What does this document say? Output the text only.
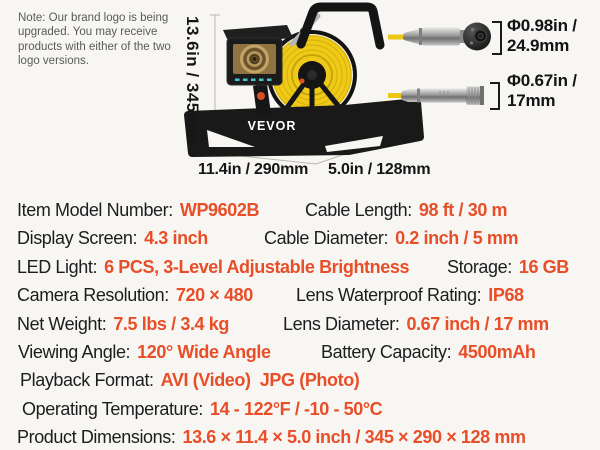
Note: Our brand logo is being upgraded. You may receive products with either of the two logo versions.
VEVOR
13.6in / 345mm
11.4in / 290mm 5.0in / 128mm
Φ0.98in /
24.9mm
Φ0.67in /
17mm
Item Model Number: WP9602B	Cable Length: 98 ft / 30 m
Display Screen: 4.3 inch	Cable Diameter: 0.2 inch / 5 mm
LED Light: 6 PCS, 3-Level Adjustable Brightness Storage: 16 GB
Camera Resolution: 720 × 480 Lens Waterproof Rating: IP68
Net Weight: 7.5 lbs / 3.4 kg	Lens Diameter: 0.67 inch / 17 mm
Viewing Angle: 120° Wide Angle	Battery Capacity: 4500mAh
Playback Format: AVI (Video)  JPG (Photo)
Operating Temperature: 14 - 122°F / -10 - 50°C
Product Dimensions: 13.6 × 11.4 × 5.0 inch / 345 × 290 × 128 mm
